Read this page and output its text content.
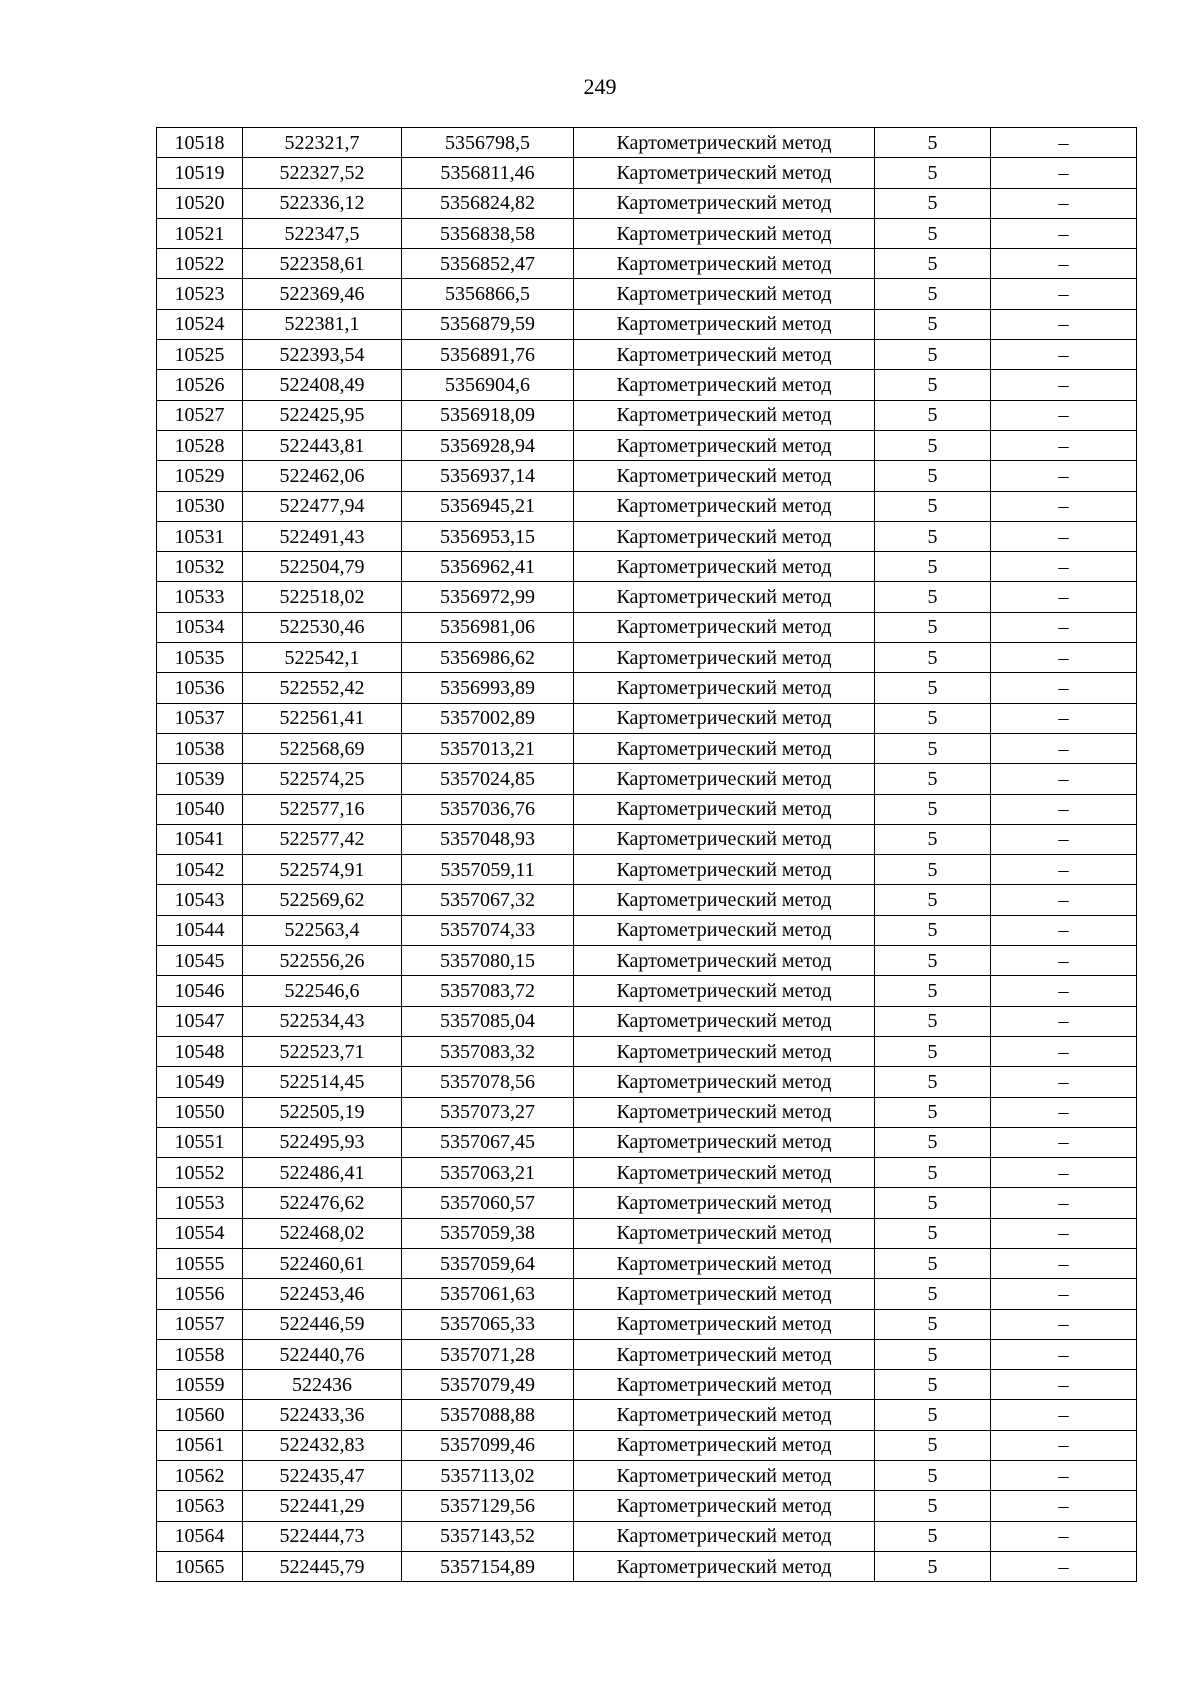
249
10518	522321,7	5356798,5	Картометрический метод	5	–
10519	522327,52	5356811,46	Картометрический метод	5	–
10520	522336,12	5356824,82	Картометрический метод	5	–
10521	522347,5	5356838,58	Картометрический метод	5	–
10522	522358,61	5356852,47	Картометрический метод	5	–
10523	522369,46	5356866,5	Картометрический метод	5	–
10524	522381,1	5356879,59	Картометрический метод	5	–
10525	522393,54	5356891,76	Картометрический метод	5	–
10526	522408,49	5356904,6	Картометрический метод	5	–
10527	522425,95	5356918,09	Картометрический метод	5	–
10528	522443,81	5356928,94	Картометрический метод	5	–
10529	522462,06	5356937,14	Картометрический метод	5	–
10530	522477,94	5356945,21	Картометрический метод	5	–
10531	522491,43	5356953,15	Картометрический метод	5	–
10532	522504,79	5356962,41	Картометрический метод	5	–
10533	522518,02	5356972,99	Картометрический метод	5	–
10534	522530,46	5356981,06	Картометрический метод	5	–
10535	522542,1	5356986,62	Картометрический метод	5	–
10536	522552,42	5356993,89	Картометрический метод	5	–
10537	522561,41	5357002,89	Картометрический метод	5	–
10538	522568,69	5357013,21	Картометрический метод	5	–
10539	522574,25	5357024,85	Картометрический метод	5	–
10540	522577,16	5357036,76	Картометрический метод	5	–
10541	522577,42	5357048,93	Картометрический метод	5	–
10542	522574,91	5357059,11	Картометрический метод	5	–
10543	522569,62	5357067,32	Картометрический метод	5	–
10544	522563,4	5357074,33	Картометрический метод	5	–
10545	522556,26	5357080,15	Картометрический метод	5	–
10546	522546,6	5357083,72	Картометрический метод	5	–
10547	522534,43	5357085,04	Картометрический метод	5	–
10548	522523,71	5357083,32	Картометрический метод	5	–
10549	522514,45	5357078,56	Картометрический метод	5	–
10550	522505,19	5357073,27	Картометрический метод	5	–
10551	522495,93	5357067,45	Картометрический метод	5	–
10552	522486,41	5357063,21	Картометрический метод	5	–
10553	522476,62	5357060,57	Картометрический метод	5	–
10554	522468,02	5357059,38	Картометрический метод	5	–
10555	522460,61	5357059,64	Картометрический метод	5	–
10556	522453,46	5357061,63	Картометрический метод	5	–
10557	522446,59	5357065,33	Картометрический метод	5	–
10558	522440,76	5357071,28	Картометрический метод	5	–
10559	522436	5357079,49	Картометрический метод	5	–
10560	522433,36	5357088,88	Картометрический метод	5	–
10561	522432,83	5357099,46	Картометрический метод	5	–
10562	522435,47	5357113,02	Картометрический метод	5	–
10563	522441,29	5357129,56	Картометрический метод	5	–
10564	522444,73	5357143,52	Картометрический метод	5	–
10565	522445,79	5357154,89	Картометрический метод	5	–
